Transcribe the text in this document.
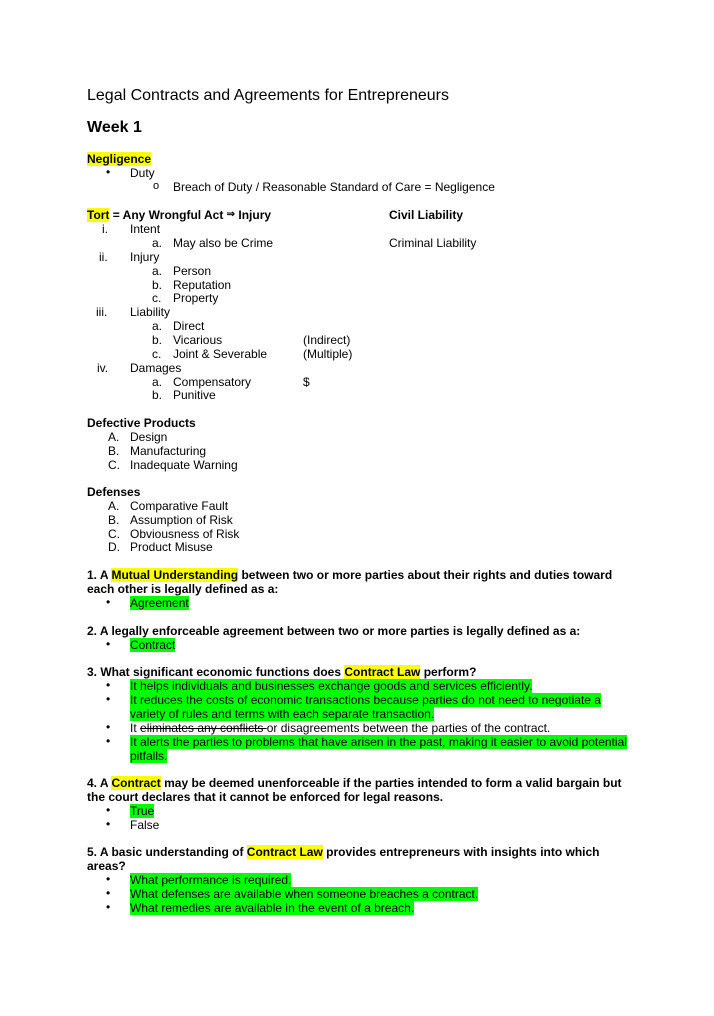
Legal Contracts and Agreements for Entrepreneurs
Week 1
Negligence
• Duty
o Breach of Duty / Reasonable Standard of Care = Negligence
Tort = Any Wrongful Act ⇒ Injury	Civil Liability
i. Intent
a. May also be Crime	Criminal Liability
ii. Injury
a. Person
b. Reputation
c. Property
iii. Liability
a. Direct
b. Vicarious	(Indirect)
c. Joint & Severable	(Multiple)
iv. Damages
a. Compensatory	$
b. Punitive
Defective Products
A. Design
B. Manufacturing
C. Inadequate Warning
Defenses
A. Comparative Fault
B. Assumption of Risk
C. Obviousness of Risk
D. Product Misuse
1. A Mutual Understanding between two or more parties about their rights and duties toward
each other is legally defined as a:
• Agreement
2. A legally enforceable agreement between two or more parties is legally defined as a:
• Contract
3. What significant economic functions does Contract Law perform?
• It helps individuals and businesses exchange goods and services efficiently.
• It reduces the costs of economic transactions because parties do not need to negotiate a
variety of rules and terms with each separate transaction.
• It eliminates any conflicts or disagreements between the parties of the contract.
• It alerts the parties to problems that have arisen in the past, making it easier to avoid potential
pitfalls.
4. A Contract may be deemed unenforceable if the parties intended to form a valid bargain but
the court declares that it cannot be enforced for legal reasons.
• True
• False
5. A basic understanding of Contract Law provides entrepreneurs with insights into which
areas?
• What performance is required.
• What defenses are available when someone breaches a contract.
• What remedies are available in the event of a breach.
